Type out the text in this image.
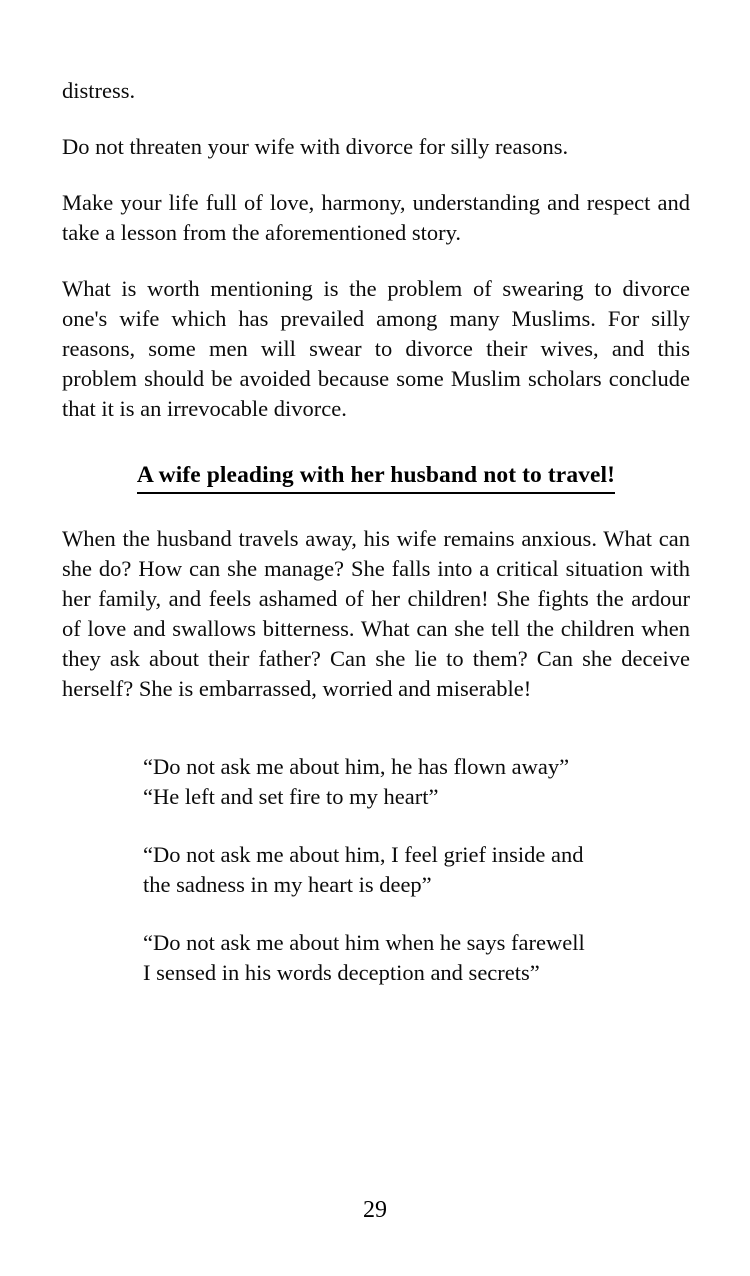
distress.

Do not threaten your wife with divorce for silly reasons.

Make your life full of love, harmony, understanding and respect and take a lesson from the aforementioned story.

What is worth mentioning is the problem of swearing to divorce one's wife which has prevailed among many Muslims. For silly reasons, some men will swear to divorce their wives, and this problem should be avoided because some Muslim scholars conclude that it is an irrevocable divorce.

A wife pleading with her husband not to travel!

When the husband travels away, his wife remains anxious. What can she do? How can she manage? She falls into a critical situation with her family, and feels ashamed of her children! She fights the ardour of love and swallows bitterness. What can she tell the children when they ask about their father? Can she lie to them? Can she deceive herself? She is embarrassed, worried and miserable!

“Do not ask me about him, he has flown away”
“He left and set fire to my heart”
“Do not ask me about him, I feel grief inside and
the sadness in my heart is deep”
“Do not ask me about him when he says farewell
I sensed in his words deception and secrets”
29
